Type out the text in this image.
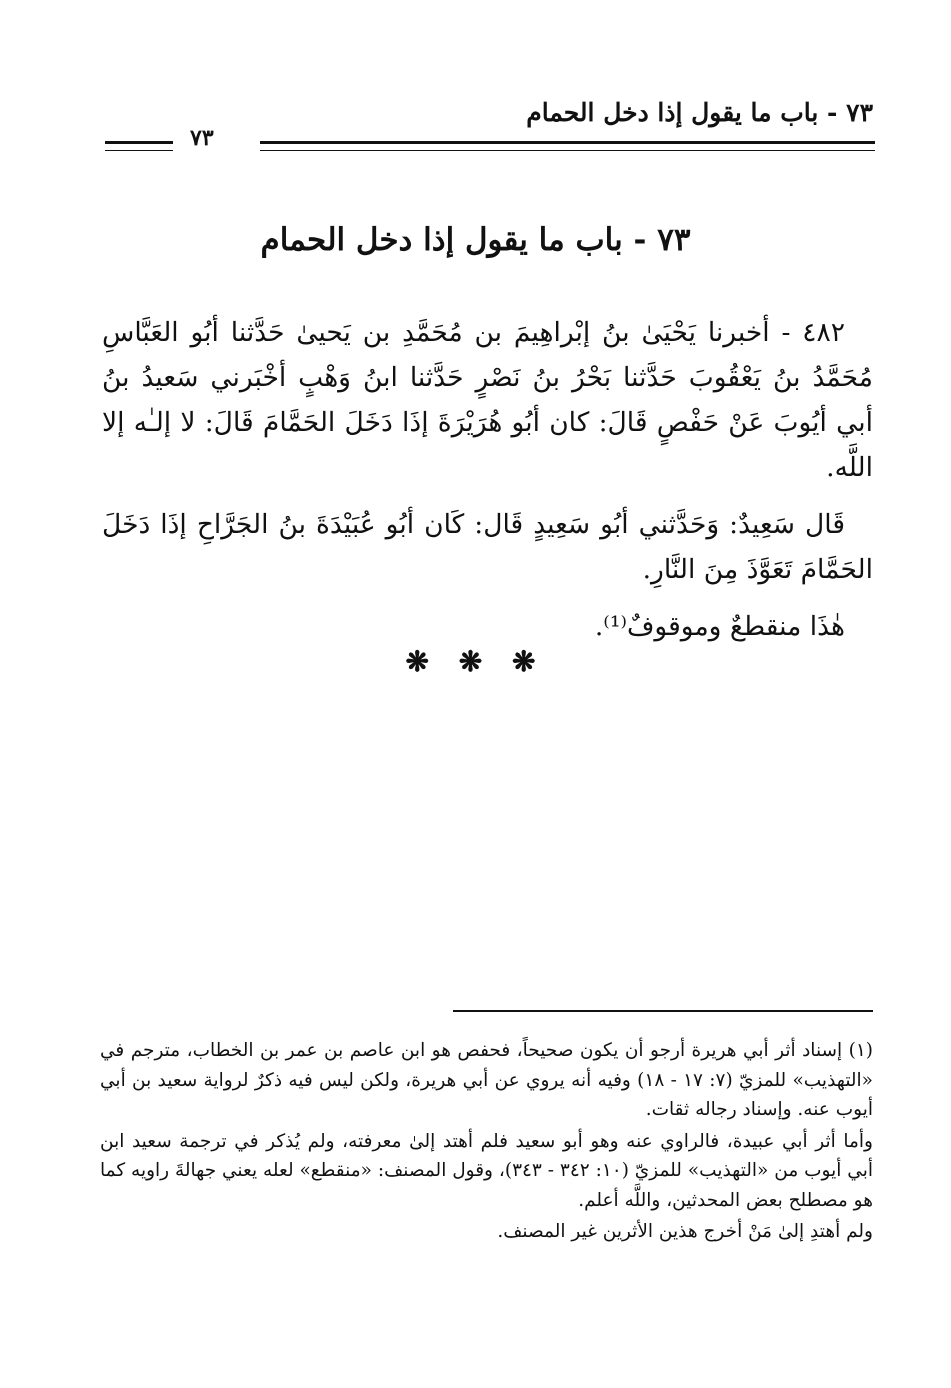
٧٣ - باب ما يقول إذا دخل الحمام
٧٣
٧٣ - باب ما يقول إذا دخل الحمام

٤٨٢ - أخبرنا يَحْيَىٰ بنُ إبْراهِيمَ بن مُحَمَّدِ بن يَحيىٰ حَدَّثنا أبُو العَبَّاسِ مُحَمَّدُ بنُ يَعْقُوبَ حَدَّثنا بَحْرُ بنُ نَصْرٍ حَدَّثنا ابنُ وَهْبٍ أخْبَرني سَعيدُ بنُ أبي أيُوبَ عَنْ حَفْصٍ قَالَ: كان أبُو هُرَيْرَةَ إذَا دَخَلَ الحَمَّامَ قَالَ: لا إلـٰه إلا اللَّه.

قَال سَعِيدٌ: وَحَدَّثني أبُو سَعِيدٍ قَال: كَان أبُو عُبَيْدَةَ بنُ الجَرَّاحِ إذَا دَخَلَ الحَمَّامَ تَعَوَّذَ مِنَ النَّارِ.

هٰذَا منقطعٌ وموقوفٌ⁽¹⁾.

❋ ❋ ❋

(١) إسناد أثر أبي هريرة أرجو أن يكون صحيحاً، فحفص هو ابن عاصم بن عمر بن الخطاب، مترجم في «التهذيب» للمزيّ (٧: ١٧ - ١٨) وفيه أنه يروي عن أبي هريرة، ولكن ليس فيه ذكرٌ لرواية سعيد بن أبي أيوب عنه. وإسناد رجاله ثقات.

وأما أثر أبي عبيدة، فالراوي عنه وهو أبو سعيد فلم أهتد إلىٰ معرفته، ولم يُذكر في ترجمة سعيد ابن أبي أيوب من «التهذيب» للمزيّ (١٠: ٣٤٢ - ٣٤٣)، وقول المصنف: «منقطع» لعله يعني جهالةَ راويه كما هو مصطلح بعض المحدثين، واللَّه أعلم.

ولم أهتدِ إلىٰ مَنْ أخرج هذين الأثرين غير المصنف.
